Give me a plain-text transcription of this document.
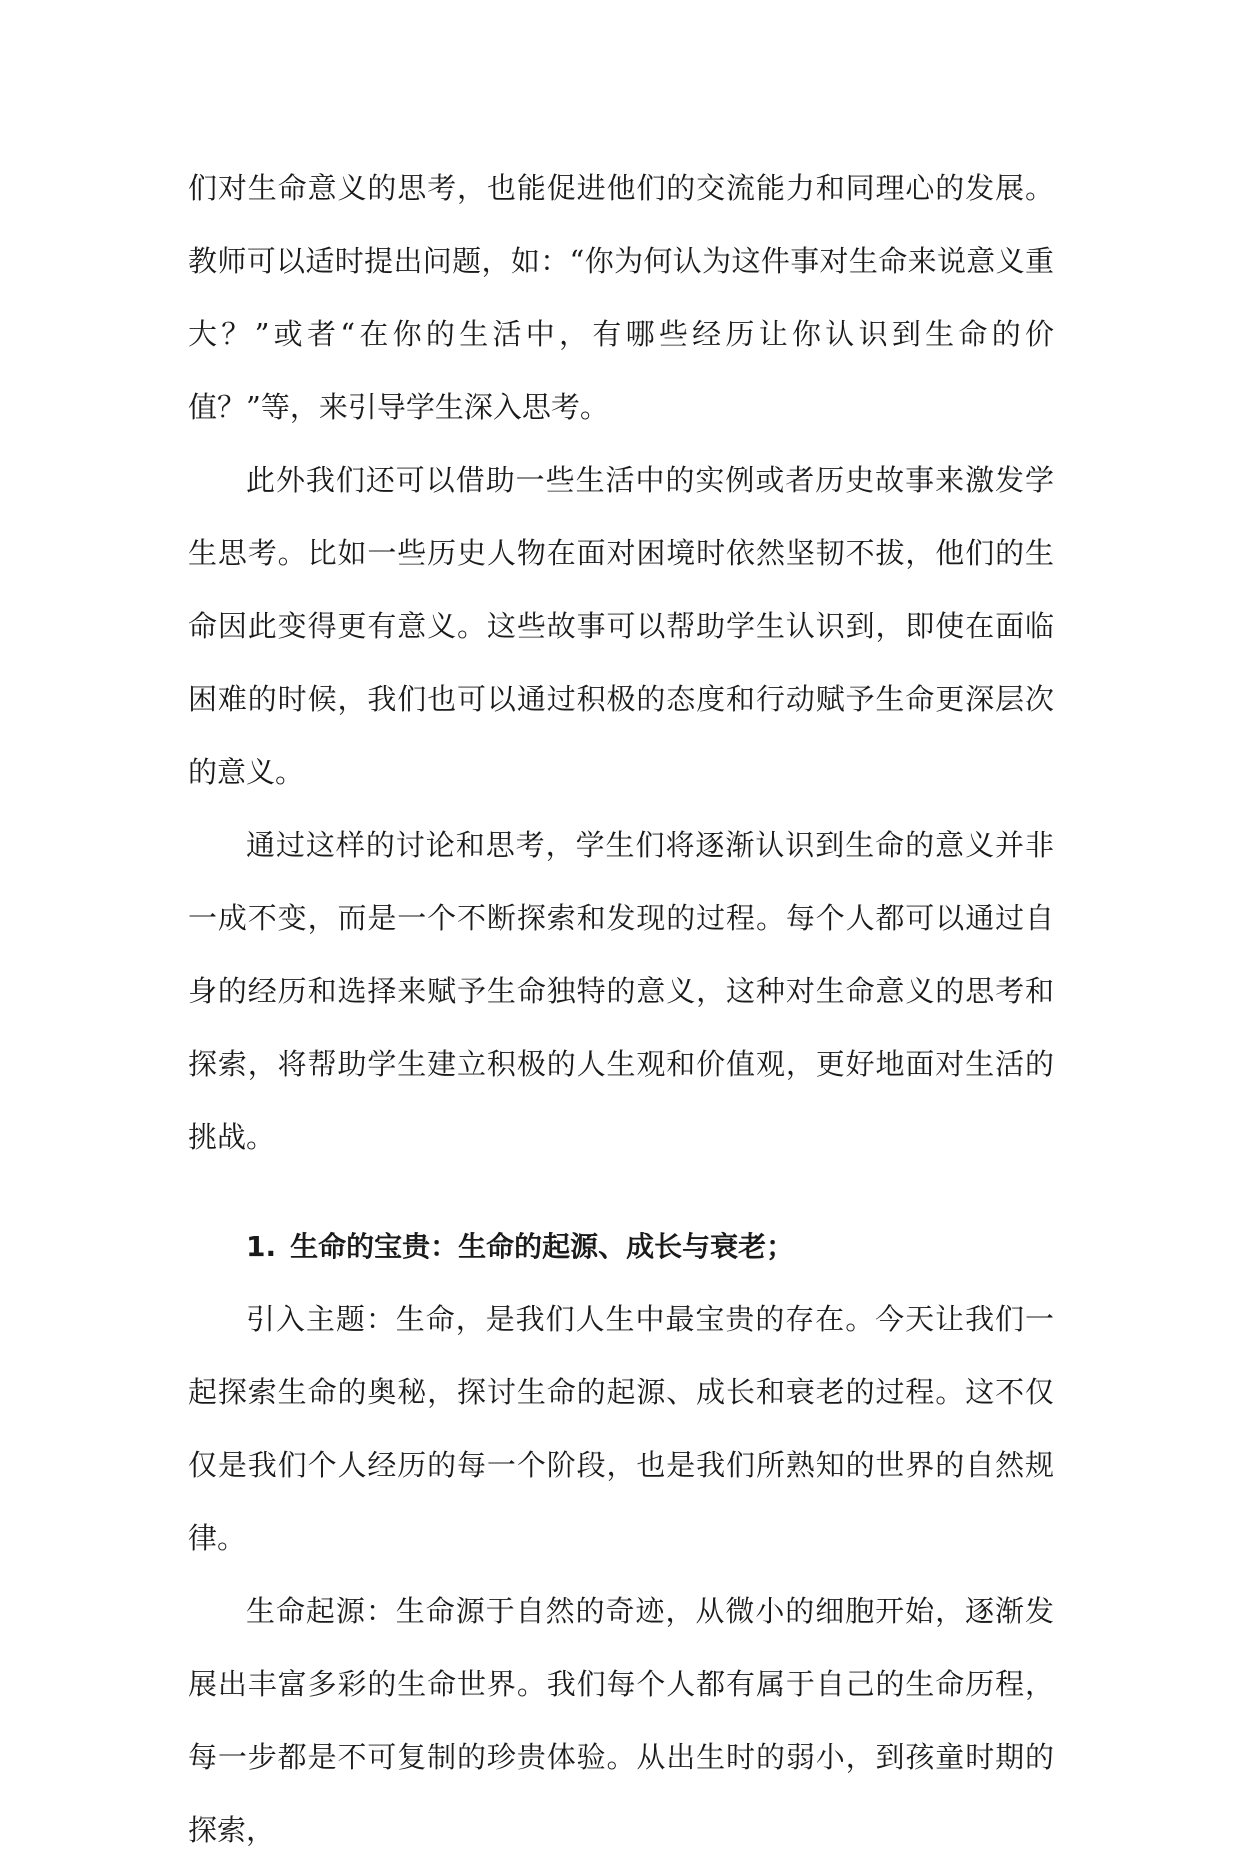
们对生命意义的思考，也能促进他们的交流能力和同理心的发展。教师可以适时提出问题，如：“你为何认为这件事对生命来说意义重大？”或者“在你的生活中，有哪些经历让你认识到生命的价值？”等，来引导学生深入思考。

此外我们还可以借助一些生活中的实例或者历史故事来激发学生思考。比如一些历史人物在面对困境时依然坚韧不拔，他们的生命因此变得更有意义。这些故事可以帮助学生认识到，即使在面临困难的时候，我们也可以通过积极的态度和行动赋予生命更深层次的意义。

通过这样的讨论和思考，学生们将逐渐认识到生命的意义并非一成不变，而是一个不断探索和发现的过程。每个人都可以通过自身的经历和选择来赋予生命独特的意义，这种对生命意义的思考和探索，将帮助学生建立积极的人生观和价值观，更好地面对生活的挑战。

1. 生命的宝贵：生命的起源、成长与衰老；

引入主题：生命，是我们人生中最宝贵的存在。今天让我们一起探索生命的奥秘，探讨生命的起源、成长和衰老的过程。这不仅仅是我们个人经历的每一个阶段，也是我们所熟知的世界的自然规律。

生命起源：生命源于自然的奇迹，从微小的细胞开始，逐渐发展出丰富多彩的生命世界。我们每个人都有属于自己的生命历程，每一步都是不可复制的珍贵体验。从出生时的弱小，到孩童时期的探索，
